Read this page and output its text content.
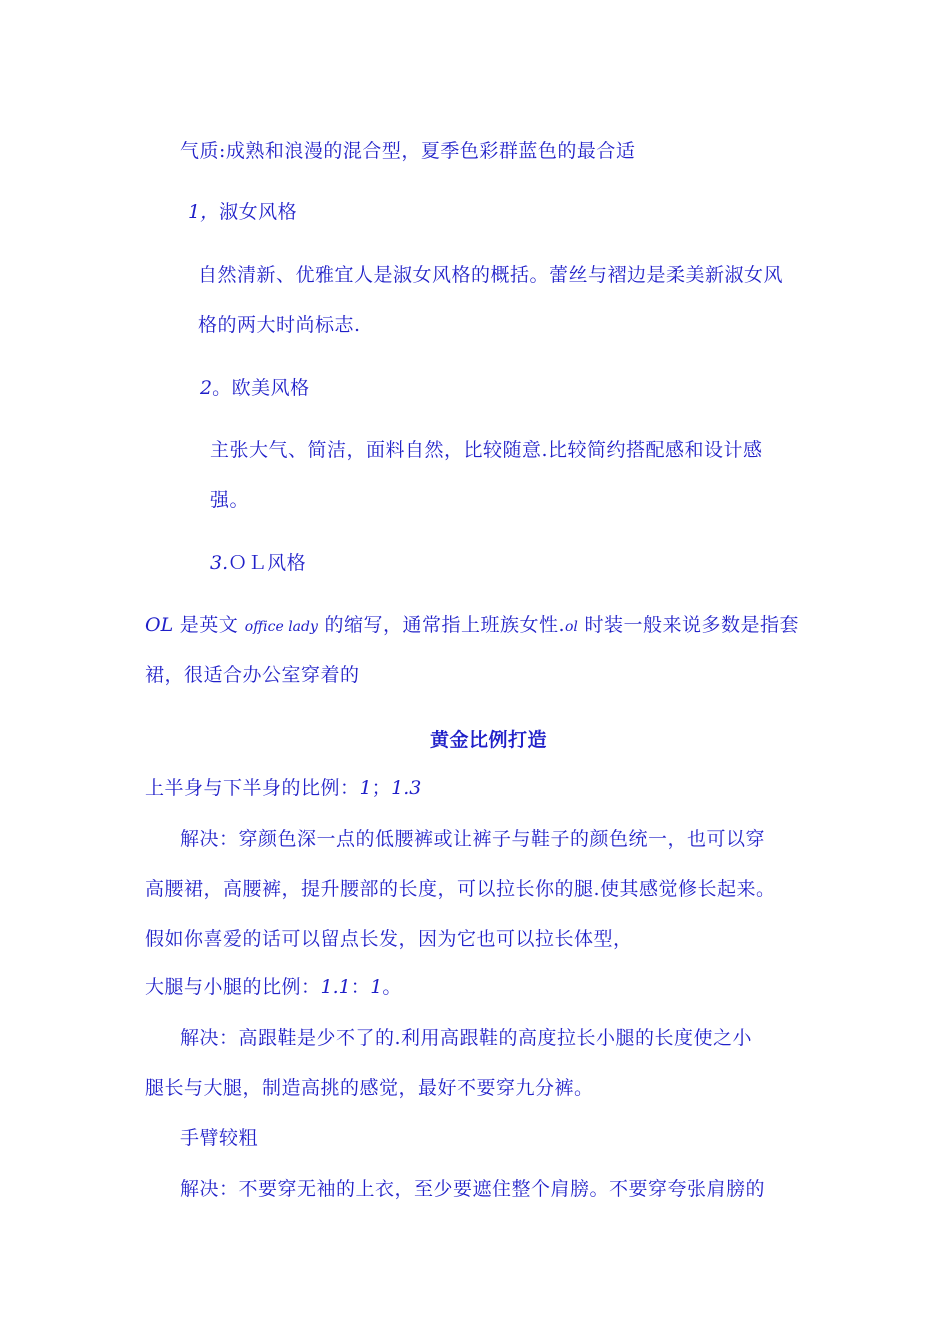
气质:成熟和浪漫的混合型，夏季色彩群蓝色的最合适

1，淑女风格

自然清新、优雅宜人是淑女风格的概括。蕾丝与褶边是柔美新淑女风

格的两大时尚标志.

2。欧美风格

主张大气、简洁，面料自然，比较随意.比较简约搭配感和设计感

强。

3.ＯＬ风格

OL 是英文 office lady 的缩写，通常指上班族女性.ol 时装一般来说多数是指套

裙，很适合办公室穿着的

黄金比例打造

上半身与下半身的比例：1；1.3

解决：穿颜色深一点的低腰裤或让裤子与鞋子的颜色统一，也可以穿

高腰裙，高腰裤，提升腰部的长度，可以拉长你的腿.使其感觉修长起来。

假如你喜爱的话可以留点长发，因为它也可以拉长体型，

大腿与小腿的比例：1.1：1。

解决：高跟鞋是少不了的.利用高跟鞋的高度拉长小腿的长度使之小

腿长与大腿，制造高挑的感觉，最好不要穿九分裤。

手臂较粗

解决：不要穿无袖的上衣，至少要遮住整个肩膀。不要穿夸张肩膀的
